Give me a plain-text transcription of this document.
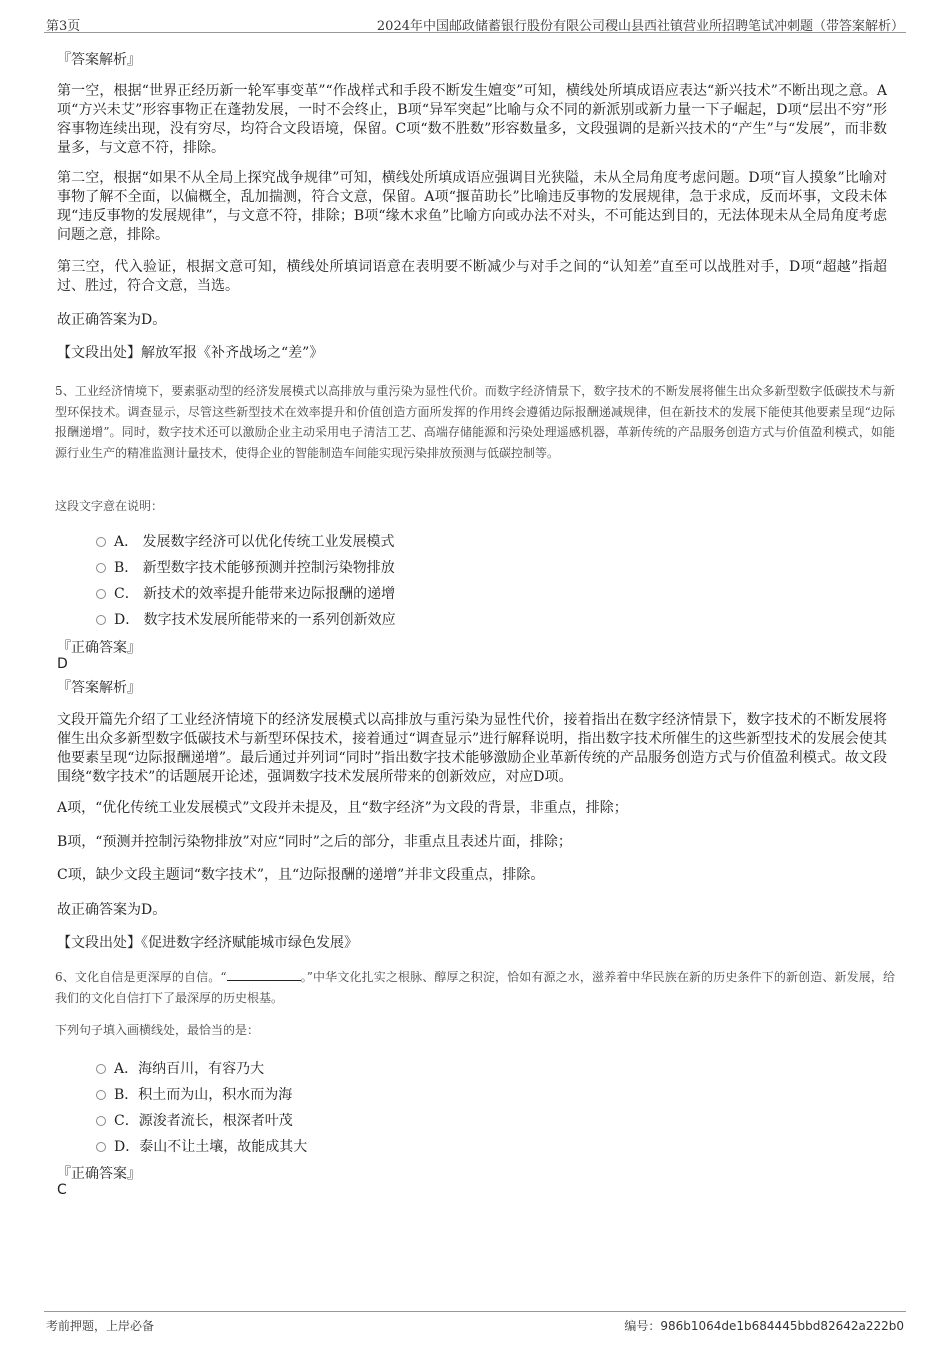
第3页	2024年中国邮政储蓄银行股份有限公司稷山县西社镇营业所招聘笔试冲刺题（带答案解析）
『答案解析』
第一空，根据“世界正经历新一轮军事变革”“作战样式和手段不断发生嬗变”可知，横线处所填成语应表达“新兴技术”不断出现之意。A项“方兴未艾”形容事物正在蓬勃发展，一时不会终止，B项“异军突起”比喻与众不同的新派别或新力量一下子崛起，D项“层出不穷”形容事物连续出现，没有穷尽，均符合文段语境，保留。C项“数不胜数”形容数量多，文段强调的是新兴技术的“产生”与“发展”，而非数量多，与文意不符，排除。
第二空，根据“如果不从全局上探究战争规律”可知，横线处所填成语应强调目光狭隘，未从全局角度考虑问题。D项“盲人摸象”比喻对事物了解不全面，以偏概全，乱加揣测，符合文意，保留。A项“揠苗助长”比喻违反事物的发展规律，急于求成，反而坏事，文段未体现“违反事物的发展规律”，与文意不符，排除；B项“缘木求鱼”比喻方向或办法不对头，不可能达到目的，无法体现未从全局角度考虑问题之意，排除。
第三空，代入验证，根据文意可知，横线处所填词语意在表明要不断减少与对手之间的“认知差”直至可以战胜对手，D项“超越”指超过、胜过，符合文意，当选。
故正确答案为D。
【文段出处】解放军报《补齐战场之“差”》
5、工业经济情境下，要素驱动型的经济发展模式以高排放与重污染为显性代价。而数字经济情景下，数字技术的不断发展将催生出众多新型数字低碳技术与新型环保技术。调查显示，尽管这些新型技术在效率提升和价值创造方面所发挥的作用终会遵循边际报酬递减规律，但在新技术的发展下能使其他要素呈现“边际报酬递增”。同时，数字技术还可以激励企业主动采用电子清洁工艺、高端存储能源和污染处理遥感机器，革新传统的产品服务创造方式与价值盈利模式，如能源行业生产的精准监测计量技术，使得企业的智能制造车间能实现污染排放预测与低碳控制等。
这段文字意在说明：
A． 发展数字经济可以优化传统工业发展模式
B． 新型数字技术能够预测并控制污染物排放
C． 新技术的效率提升能带来边际报酬的递增
D． 数字技术发展所能带来的一系列创新效应
『正确答案』
D
『答案解析』
文段开篇先介绍了工业经济情境下的经济发展模式以高排放与重污染为显性代价，接着指出在数字经济情景下，数字技术的不断发展将催生出众多新型数字低碳技术与新型环保技术，接着通过“调查显示”进行解释说明，指出数字技术所催生的这些新型技术的发展会使其他要素呈现“边际报酬递增”。最后通过并列词“同时”指出数字技术能够激励企业革新传统的产品服务创造方式与价值盈利模式。故文段围绕“数字技术”的话题展开论述，强调数字技术发展所带来的创新效应，对应D项。
A项，“优化传统工业发展模式”文段并未提及，且“数字经济”为文段的背景，非重点，排除；
B项，“预测并控制污染物排放”对应“同时”之后的部分，非重点且表述片面，排除；
C项，缺少文段主题词“数字技术”，且“边际报酬的递增”并非文段重点，排除。
故正确答案为D。
【文段出处】《促进数字经济赋能城市绿色发展》
6、文化自信是更深厚的自信。“	。”中华文化扎实之根脉、醇厚之积淀，恰如有源之水，滋养着中华民族在新的历史条件下的新创造、新发展，给我们的文化自信打下了最深厚的历史根基。
下列句子填入画横线处，最恰当的是：
A．海纳百川，有容乃大
B．积土而为山，积水而为海
C．源浚者流长，根深者叶茂
D．泰山不让土壤，故能成其大
『正确答案』
C
考前押题，上岸必备	编号：986b1064de1b684445bbd82642a222b0
